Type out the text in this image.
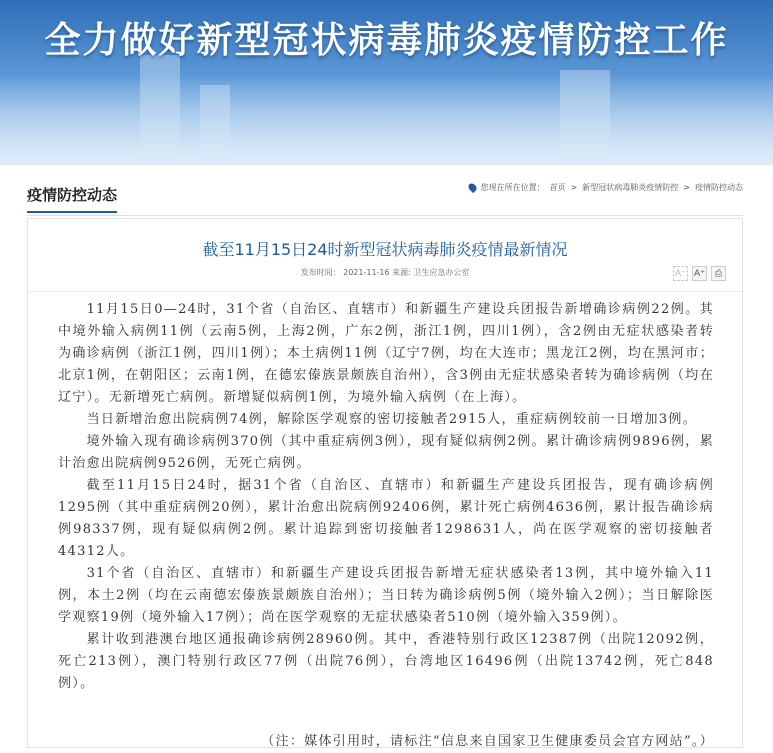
全力做好新型冠状病毒肺炎疫情防控工作
疫情防控动态	您现在所在位置： 首页 > 新型冠状病毒肺炎疫情防控 > 疫情防控动态
截至11月15日24时新型冠状病毒肺炎疫情最新情况
发布时间： 2021-11-16 来源: 卫生应急办公室	A⁻ A⁺	⎙

11月15日0—24时，31个省（自治区、直辖市）和新疆生产建设兵团报告新增确诊病例22例。其中境外输入病例11例（云南5例，上海2例，广东2例，浙江1例，四川1例），含2例由无症状感染者转为确诊病例（浙江1例，四川1例）；本土病例11例（辽宁7例，均在大连市；黑龙江2例，均在黑河市；北京1例，在朝阳区；云南1例，在德宏傣族景颇族自治州），含3例由无症状感染者转为确诊病例（均在辽宁）。无新增死亡病例。新增疑似病例1例，为境外输入病例（在上海）。

当日新增治愈出院病例74例，解除医学观察的密切接触者2915人，重症病例较前一日增加3例。

境外输入现有确诊病例370例（其中重症病例3例），现有疑似病例2例。累计确诊病例9896例，累计治愈出院病例9526例，无死亡病例。

截至11月15日24时，据31个省（自治区、直辖市）和新疆生产建设兵团报告，现有确诊病例1295例（其中重症病例20例），累计治愈出院病例92406例，累计死亡病例4636例，累计报告确诊病例98337例，现有疑似病例2例。累计追踪到密切接触者1298631人，尚在医学观察的密切接触者44312人。

31个省（自治区、直辖市）和新疆生产建设兵团报告新增无症状感染者13例，其中境外输入11例，本土2例（均在云南德宏傣族景颇族自治州）；当日转为确诊病例5例（境外输入2例）；当日解除医学观察19例（境外输入17例）；尚在医学观察的无症状感染者510例（境外输入359例）。

累计收到港澳台地区通报确诊病例28960例。其中，香港特别行政区12387例（出院12092例，死亡213例），澳门特别行政区77例（出院76例），台湾地区16496例（出院13742例，死亡848例）。

（注：媒体引用时，请标注“信息来自国家卫生健康委员会官方网站”。）
